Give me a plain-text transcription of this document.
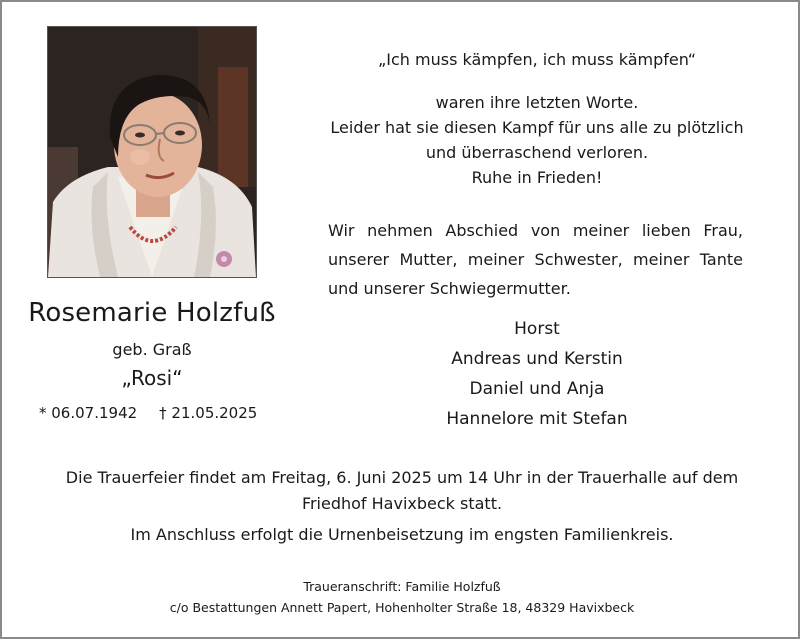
Rosemarie Holzfuß
geb. Graß
„Rosi“
* 06.07.1942 † 21.05.2025
„Ich muss kämpfen, ich muss kämpfen“
waren ihre letzten Worte.
Leider hat sie diesen Kampf für uns alle zu plötzlich
und überraschend verloren.
Ruhe in Frieden!
Wir nehmen Abschied von meiner lieben Frau, unserer Mutter, meiner Schwester, meiner Tante und unserer Schwiegermutter.
Horst
Andreas und Kerstin
Daniel und Anja
Hannelore mit Stefan
Die Trauerfeier findet am Freitag, 6. Juni 2025 um 14 Uhr in der Trauerhalle auf dem
Friedhof Havixbeck statt.
Im Anschluss erfolgt die Urnenbeisetzung im engsten Familienkreis.
Traueranschrift: Familie Holzfuß
c/o Bestattungen Annett Papert, Hohenholter Straße 18, 48329 Havixbeck
